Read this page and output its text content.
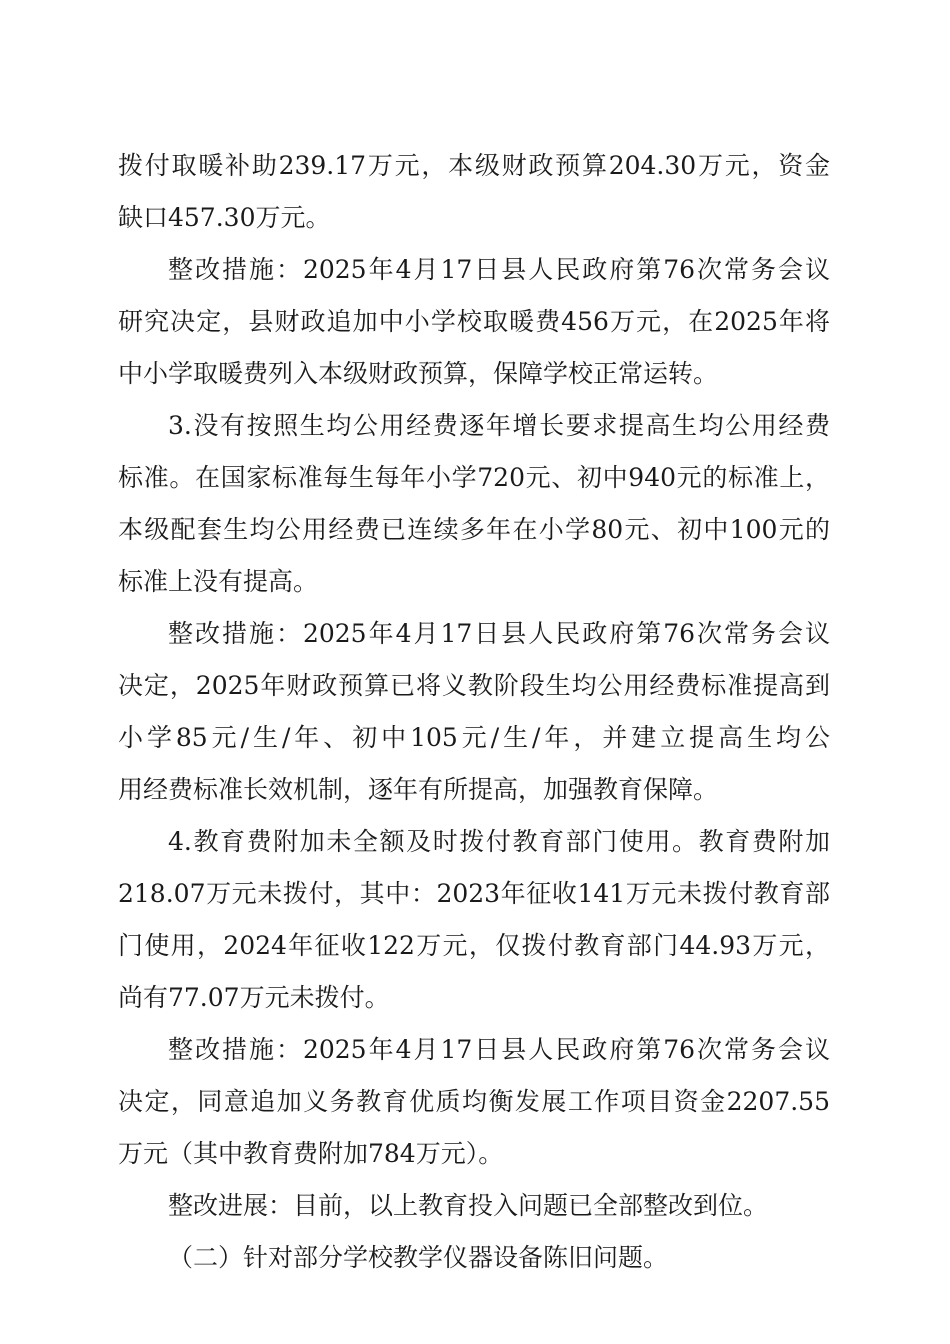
拨付取暖补助239.17万元，本级财政预算204.30万元，资金
缺口457.30万元。
整改措施：2025年4月17日县人民政府第76次常务会议
研究决定，县财政追加中小学校取暖费456万元，在2025年将
中小学取暖费列入本级财政预算，保障学校正常运转。
3.没有按照生均公用经费逐年增长要求提高生均公用经费
标准。在国家标准每生每年小学720元、初中940元的标准上，
本级配套生均公用经费已连续多年在小学80元、初中100元的
标准上没有提高。
整改措施：2025年4月17日县人民政府第76次常务会议
决定，2025年财政预算已将义教阶段生均公用经费标准提高到
小学85元/生/年、初中105元/生/年，并建立提高生均公
用经费标准长效机制，逐年有所提高，加强教育保障。
4.教育费附加未全额及时拨付教育部门使用。教育费附加
218.07万元未拨付，其中：2023年征收141万元未拨付教育部
门使用，2024年征收122万元，仅拨付教育部门44.93万元，
尚有77.07万元未拨付。
整改措施：2025年4月17日县人民政府第76次常务会议
决定，同意追加义务教育优质均衡发展工作项目资金2207.55
万元（其中教育费附加784万元）。
整改进展：目前，以上教育投入问题已全部整改到位。
（二）针对部分学校教学仪器设备陈旧问题。
